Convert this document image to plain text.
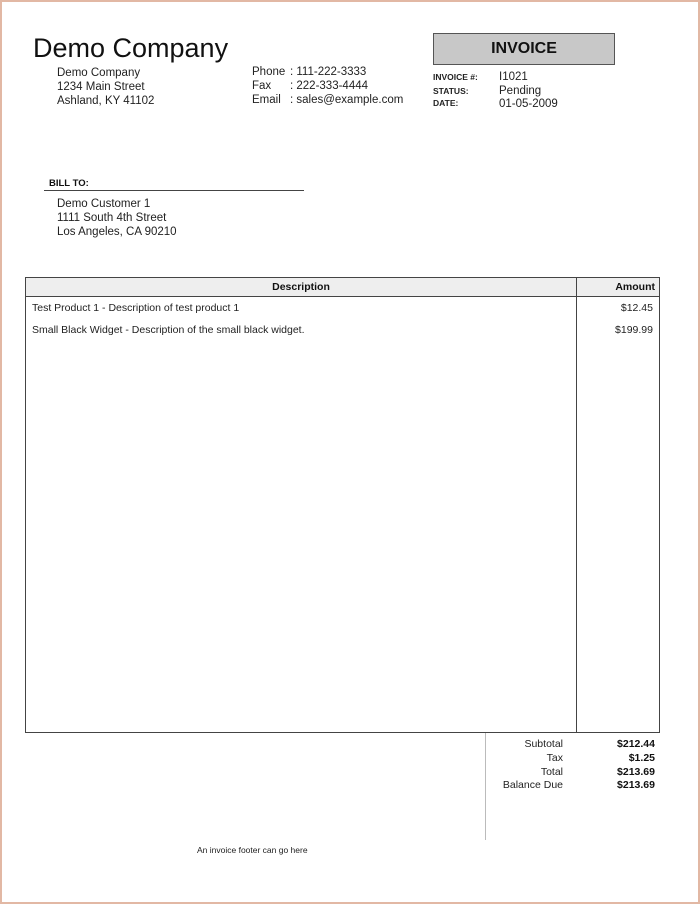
Demo Company
Demo Company
1234 Main Street
Ashland, KY 41102
Phone : 111-222-3333
Fax : 222-333-4444
Email : sales@example.com
INVOICE
INVOICE #: I1021
STATUS:	Pending
DATE:	01-05-2009
BILL TO:
Demo Customer 1
1111 South 4th Street
Los Angeles, CA 90210
Description	Amount
Test Product 1 - Description of test product 1	$12.45
Small Black Widget - Description of the small black widget.	$199.99

Subtotal	$212.44
Tax	$1.25
Total	$213.69
Balance Due	$213.69
An invoice footer can go here
